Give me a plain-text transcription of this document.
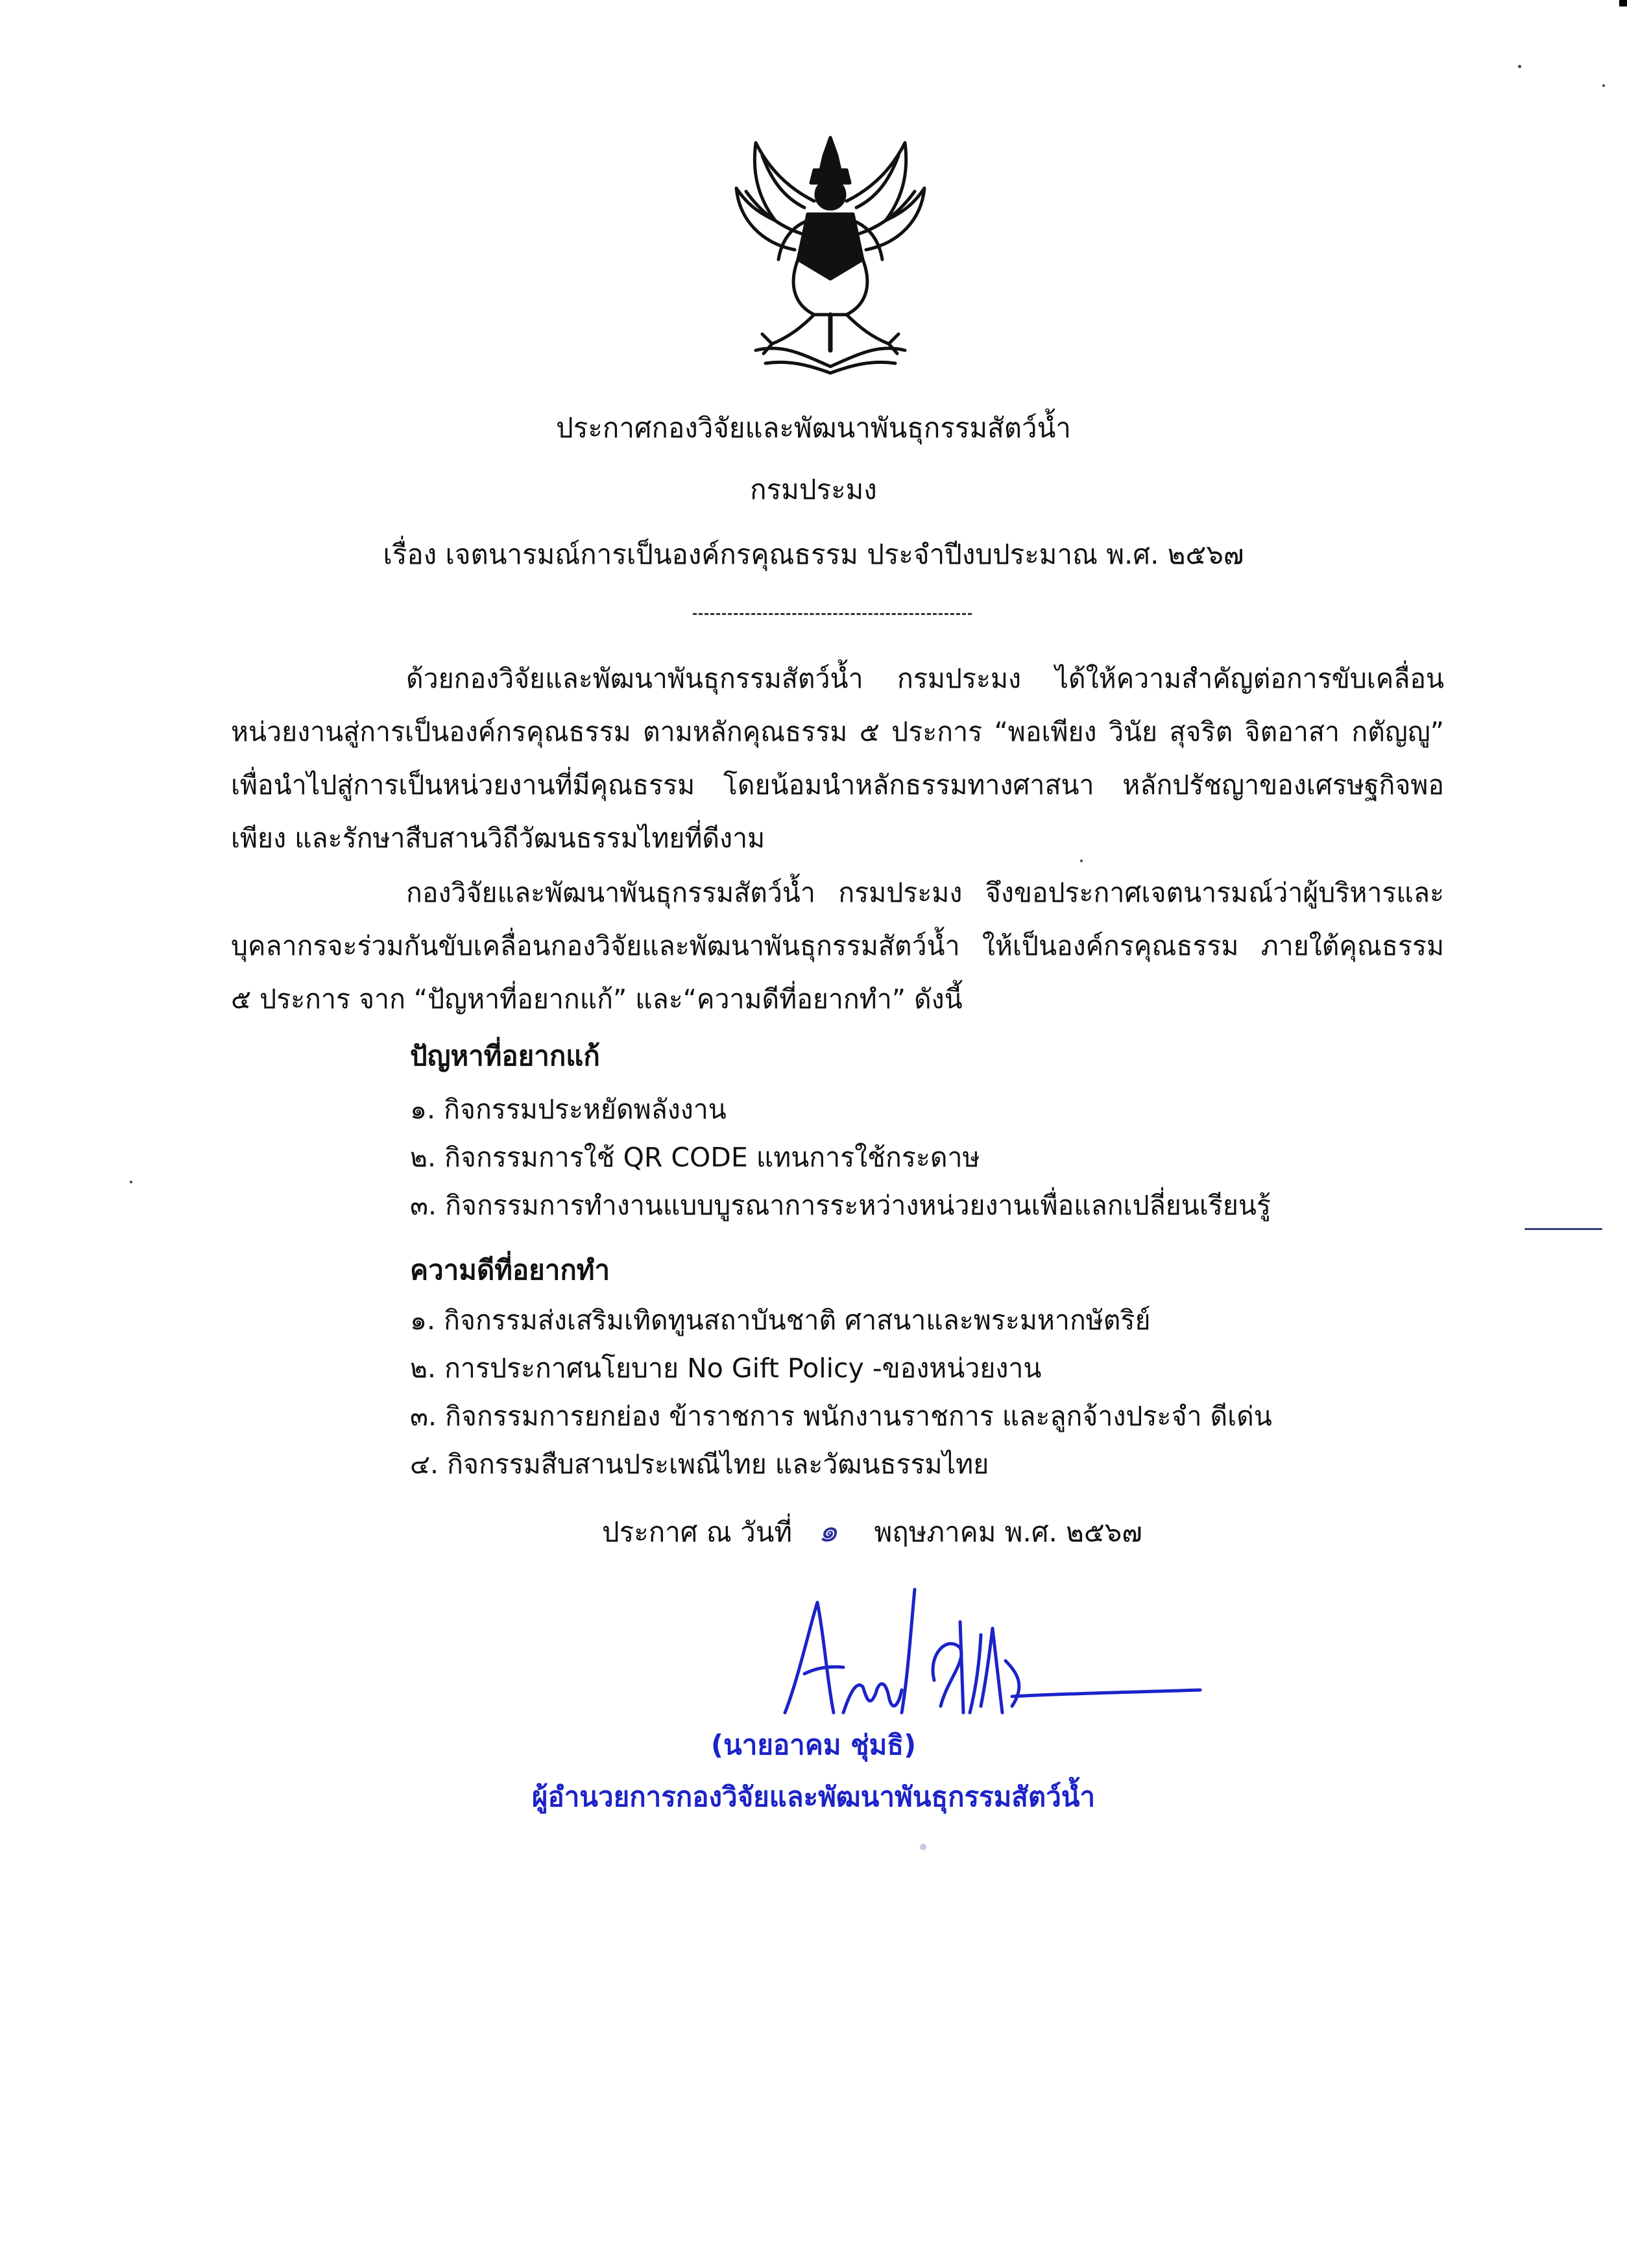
ประกาศกองวิจัยและพัฒนาพันธุกรรมสัตว์น้ำ
กรมประมง
เรื่อง เจตนารมณ์การเป็นองค์กรคุณธรรม ประจำปีงบประมาณ พ.ศ. ๒๕๖๗

ด้วยกองวิจัยและพัฒนาพันธุกรรมสัตว์น้ำ กรมประมง ได้ให้ความสำคัญต่อการขับเคลื่อนหน่วยงานสู่การเป็นองค์กรคุณธรรม ตามหลักคุณธรรม ๕ ประการ “พอเพียง วินัย สุจริต จิตอาสา กตัญญู” เพื่อนำไปสู่การเป็นหน่วยงานที่มีคุณธรรม โดยน้อมนำหลักธรรมทางศาสนา หลักปรัชญาของเศรษฐกิจพอเพียง และรักษาสืบสานวิถีวัฒนธรรมไทยที่ดีงาม

กองวิจัยและพัฒนาพันธุกรรมสัตว์น้ำ กรมประมง จึงขอประกาศเจตนารมณ์ว่าผู้บริหารและบุคลากรจะร่วมกันขับเคลื่อนกองวิจัยและพัฒนาพันธุกรรมสัตว์น้ำ ให้เป็นองค์กรคุณธรรม ภายใต้คุณธรรม ๕ ประการ จาก “ปัญหาที่อยากแก้” และ“ความดีที่อยากทำ” ดังนี้

ปัญหาที่อยากแก้
๑. กิจกรรมประหยัดพลังงาน
๒. กิจกรรมการใช้ QR CODE แทนการใช้กระดาษ
๓. กิจกรรมการทำงานแบบบูรณาการระหว่างหน่วยงานเพื่อแลกเปลี่ยนเรียนรู้
ความดีที่อยากทำ
๑. กิจกรรมส่งเสริมเทิดทูนสถาบันชาติ ศาสนาและพระมหากษัตริย์
๒. การประกาศนโยบาย No Gift Policy -ของหน่วยงาน
๓. กิจกรรมการยกย่อง ข้าราชการ พนักงานราชการ และลูกจ้างประจำ ดีเด่น
๔. กิจกรรมสืบสานประเพณีไทย และวัฒนธรรมไทย
ประกาศ ณ วันที่ ๑ พฤษภาคม พ.ศ. ๒๕๖๗
(นายอาคม ชุ่มธิ)
ผู้อำนวยการกองวิจัยและพัฒนาพันธุกรรมสัตว์น้ำ
